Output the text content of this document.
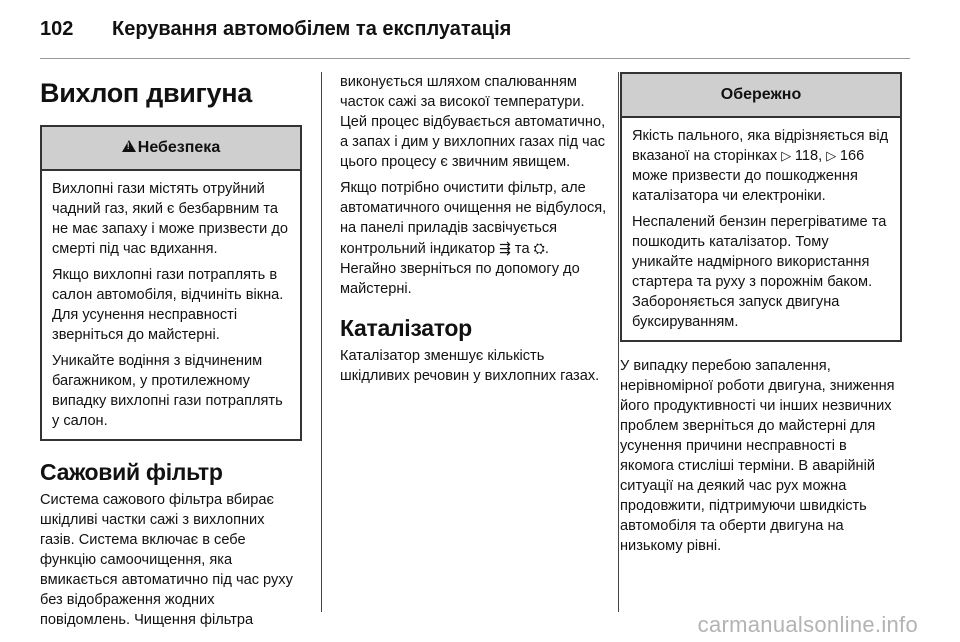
102 Керування автомобілем та експлуатація
Вихлоп двигуна
!Небезпека

Вихлопні гази містять отруйний чадний газ, який є безбарвним та не має запаху і може призвести до смерті під час вдихання.

Якщо вихлопні гази потраплять в салон автомобіля, відчиніть вікна. Для усунення несправності зверніться до майстерні.

Уникайте водіння з відчиненим багажником, у протилежному випадку вихлопні гази потраплять у салон.

Сажовий фільтр

Система сажового фільтра вбирає шкідливі частки сажі з вихлопних газів. Система включає в себе функцію самоочищення, яка вмикається автоматично під час руху без відображення жодних повідомлень. Чищення фільтра

виконується шляхом спалюванням часток сажі за високої температури. Цей процес відбувається автоматично, а запах і дим у вихлопних газах під час цього процесу є звичним явищем.

Якщо потрібно очистити фільтр, але автоматичного очищення не відбулося, на панелі приладів засвічується контрольний індикатор ⇶ та ⛭. Негайно зверніться по допомогу до майстерні.

Каталізатор

Каталізатор зменшує кількість шкідливих речовин у вихлопних газах.

Обережно

Якість пального, яка відрізняється від вказаної на сторінках ▷ 118, ▷ 166 може призвести до пошкодження каталізатора чи електроніки.

Неспалений бензин перегріватиме та пошкодить каталізатор. Тому уникайте надмірного використання стартера та руху з порожнім баком. Забороняється запуск двигуна буксируванням.

У випадку перебою запалення, нерівномірної роботи двигуна, зниження його продуктивності чи інших незвичних проблем зверніться до майстерні для усунення причини несправності в якомога стисліші терміни. В аварійній ситуації на деякий час рух можна продовжити, підтримуючи швидкість автомобіля та оберти двигуна на низькому рівні.

carmanualsonline.info
